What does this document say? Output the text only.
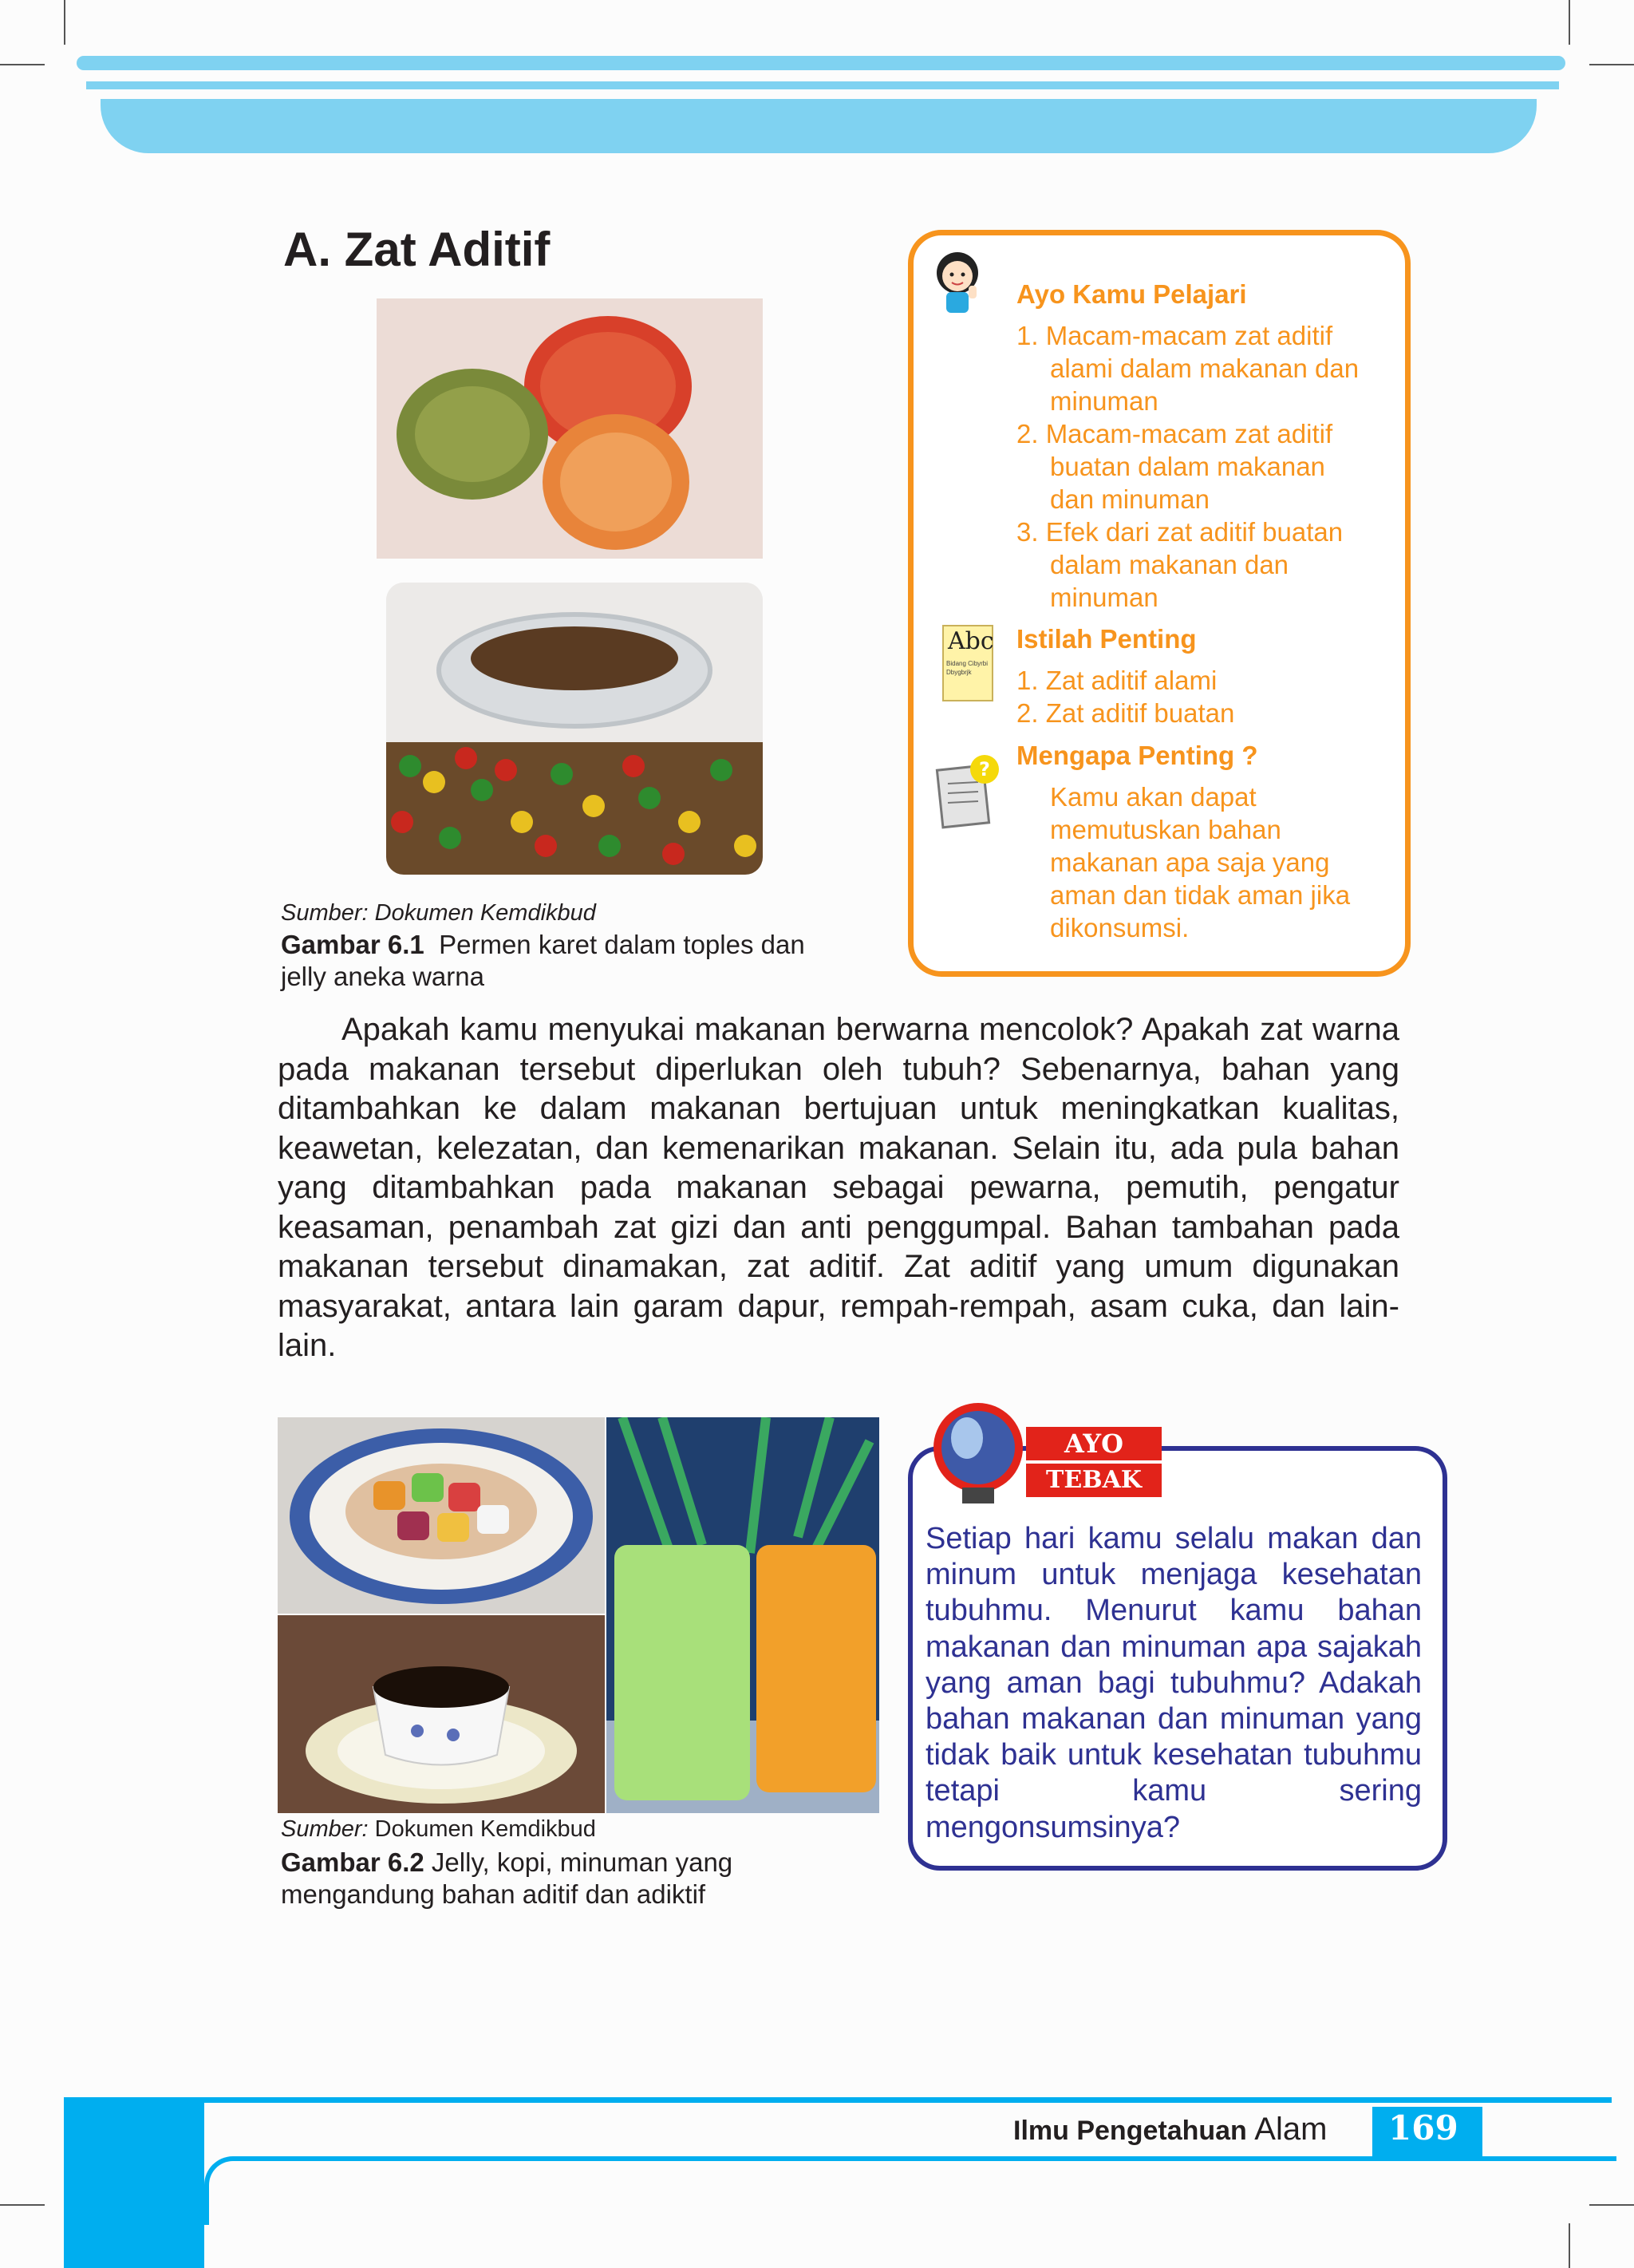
A. Zat Aditif
Sumber: Dokumen Kemdikbud
Gambar 6.1 Permen karet dalam toples dan jelly aneka warna
Ayo Kamu Pelajari
1. Macam-macam zat aditif
alami dalam makanan dan
minuman
2. Macam-macam zat aditif
buatan dalam makanan
dan minuman
3. Efek dari zat aditif buatan
dalam makanan dan
minuman
Abc
Bidang Cibyrbi Dbygbrjk
Istilah Penting
1. Zat aditif alami
2. Zat aditif buatan
? Mengapa Penting ?
Kamu akan dapat
memutuskan bahan
makanan apa saja yang
aman dan tidak aman jika
dikonsumsi.
Apakah kamu menyukai makanan berwarna mencolok? Apakah zat warna pada makanan tersebut diperlukan oleh tubuh? Sebenarnya, bahan yang ditambahkan ke dalam makanan bertujuan untuk meningkatkan kualitas, keawetan, kelezatan, dan kemenarikan makanan. Selain itu, ada pula bahan yang ditambahkan pada makanan sebagai pewarna, pemutih, pengatur keasaman, penambah zat gizi dan anti penggumpal. Bahan tambahan pada makanan tersebut dinamakan, zat aditif. Zat aditif yang umum digunakan masyarakat, antara lain garam dapur, rempah-rempah, asam cuka, dan lain-lain.
Sumber: Dokumen Kemdikbud
Gambar 6.2 Jelly, kopi, minuman yang
mengandung bahan aditif dan adiktif
AYO
TEBAK
Setiap hari kamu selalu makan dan minum untuk menjaga kesehatan tubuhmu. Menurut kamu bahan makanan dan minuman apa sajakah yang aman bagi tubuhmu? Adakah bahan makanan dan minuman yang tidak baik untuk kesehatan tubuhmu tetapi kamu sering mengonsumsinya?
Ilmu Pengetahuan Alam 169
